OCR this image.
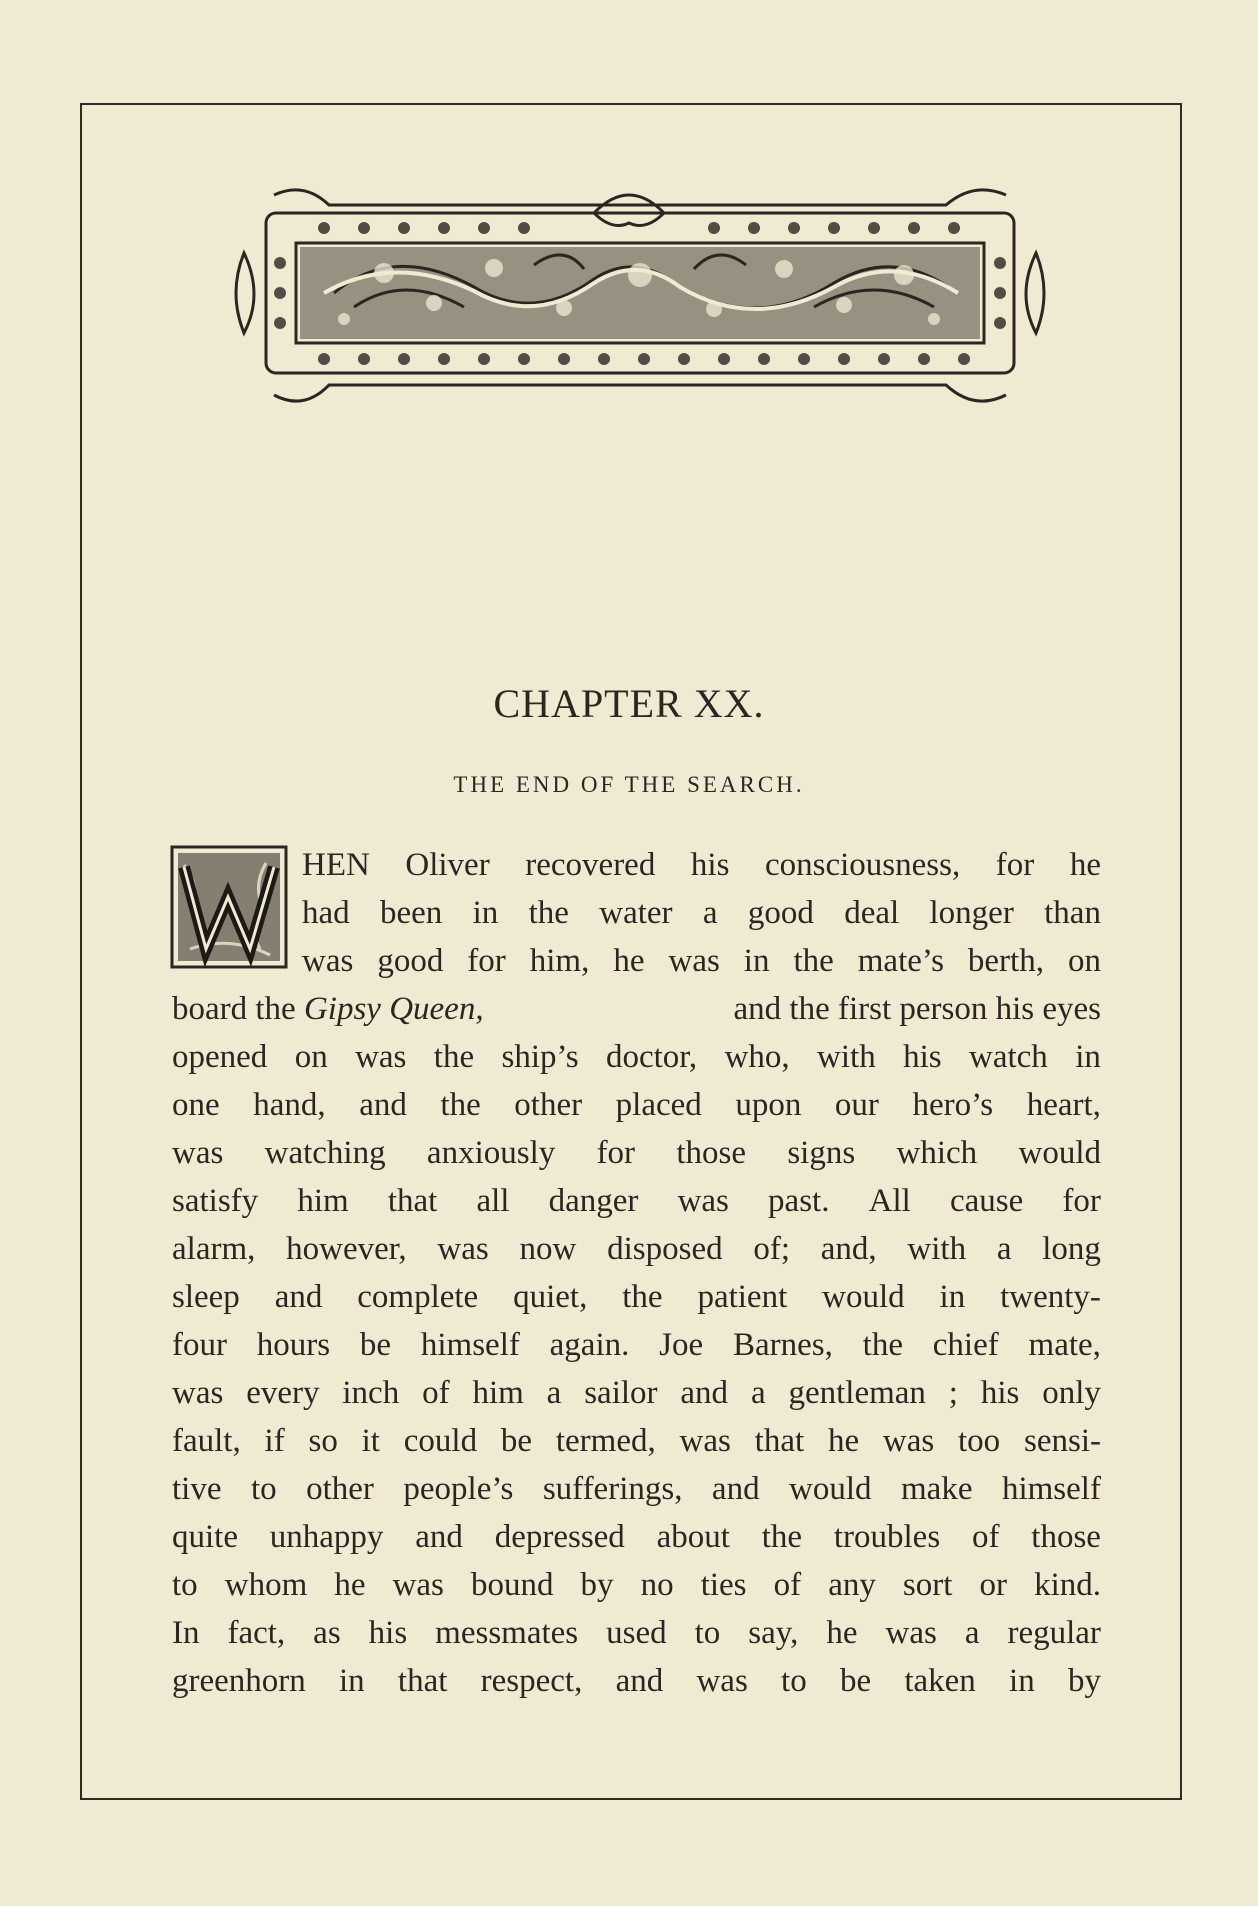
CHAPTER XX.
THE END OF THE SEARCH.
HEN Oliver recovered his consciousness, for he
had been in the water a good deal longer than
was good for him, he was in the mate’s berth, on
board the Gipsy Queen,	and the first person his eyes
opened on was the ship’s doctor, who, with his watch in
one hand, and the other placed upon our hero’s heart,
was watching anxiously for those signs which would
satisfy him that all danger was past. All cause for
alarm, however, was now disposed of; and, with a long
sleep and complete quiet, the patient would in twenty-
four hours be himself again. Joe Barnes, the chief mate,
was every inch of him a sailor and a gentleman ; his only
fault, if so it could be termed, was that he was too sensi-
tive to other people’s sufferings, and would make himself
quite unhappy and depressed about the troubles of those
to whom he was bound by no ties of any sort or kind.
In fact, as his messmates used to say, he was a regular
greenhorn in that respect, and was to be taken in by
